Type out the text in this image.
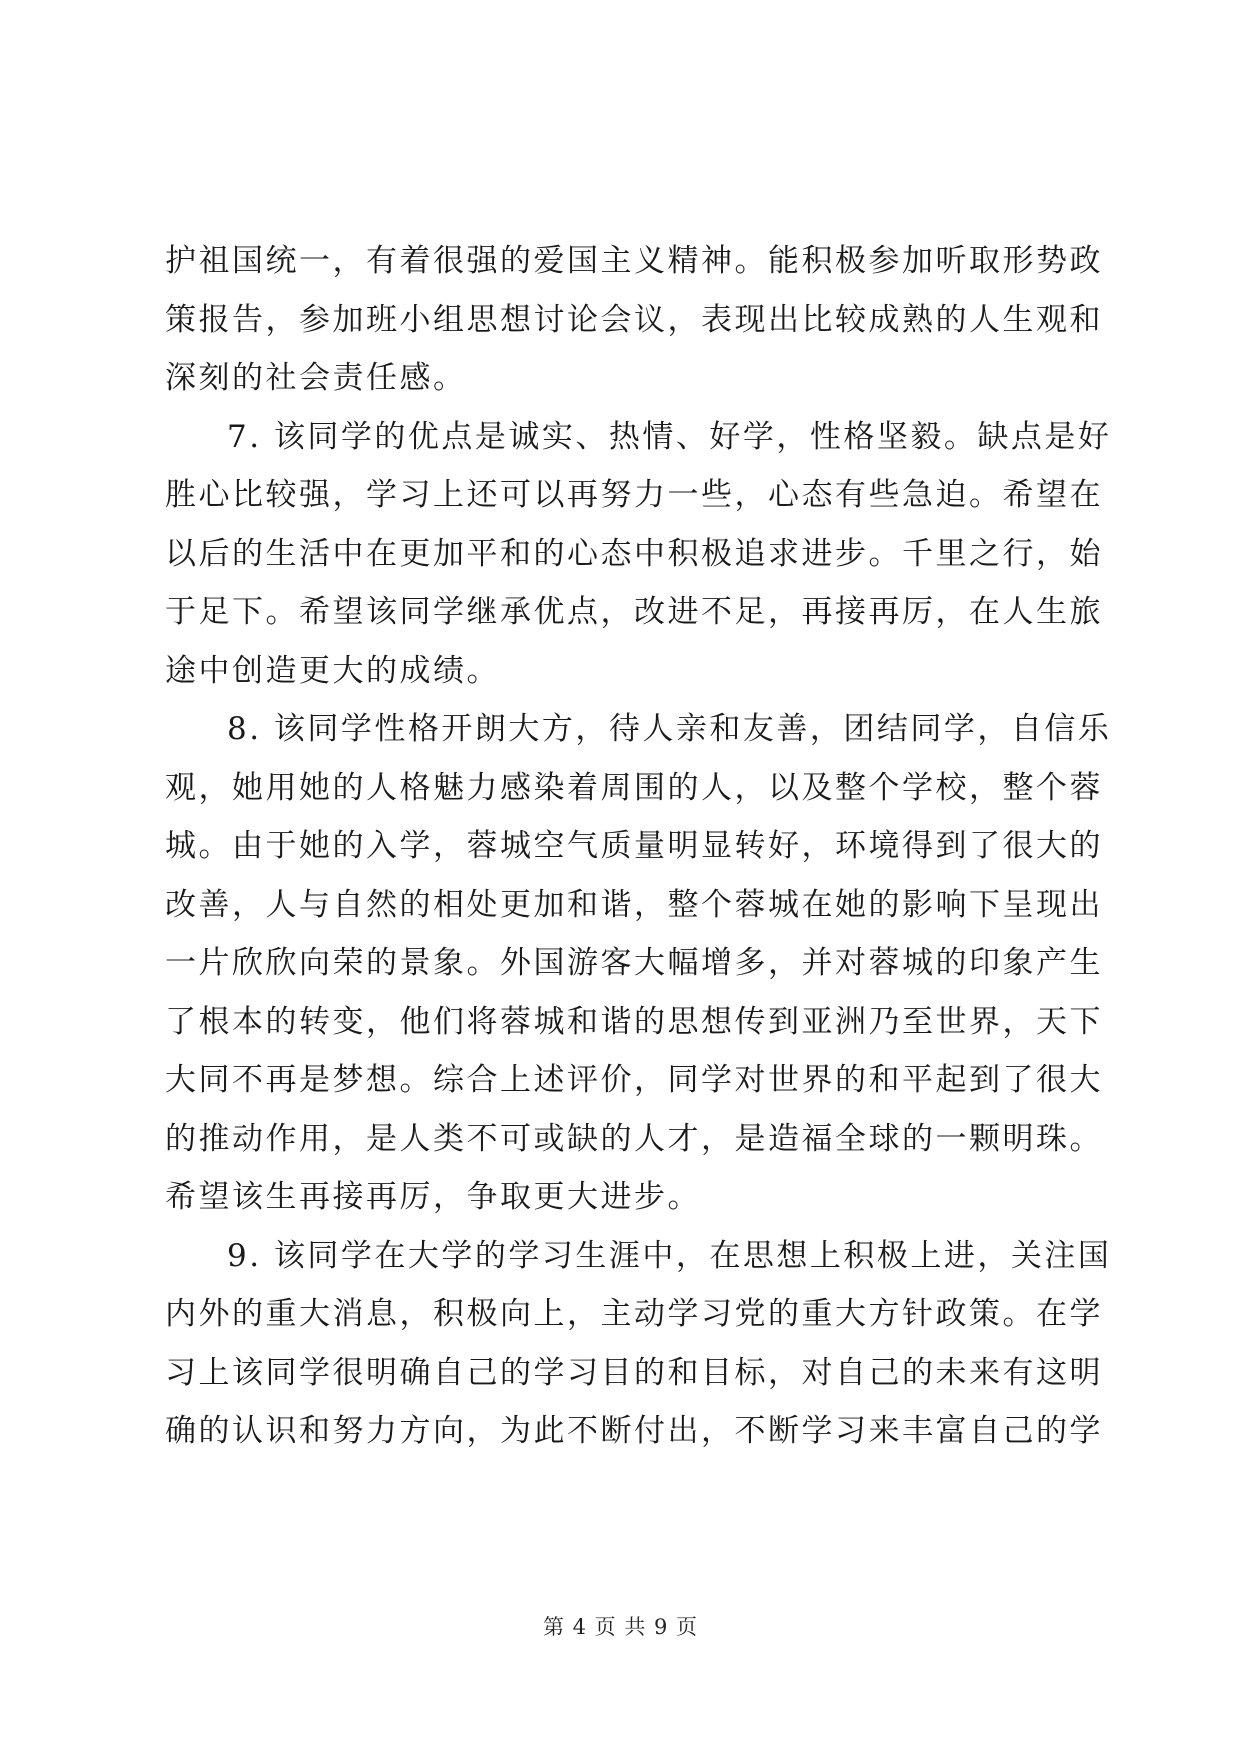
护祖国统一，有着很强的爱国主义精神。能积极参加听取形势政
策报告，参加班小组思想讨论会议，表现出比较成熟的人生观和
深刻的社会责任感。
7. 该同学的优点是诚实、热情、好学，性格坚毅。缺点是好
胜心比较强，学习上还可以再努力一些，心态有些急迫。希望在
以后的生活中在更加平和的心态中积极追求进步。千里之行，始
于足下。希望该同学继承优点，改进不足，再接再厉，在人生旅
途中创造更大的成绩。
8. 该同学性格开朗大方，待人亲和友善，团结同学，自信乐
观，她用她的人格魅力感染着周围的人，以及整个学校，整个蓉
城。由于她的入学，蓉城空气质量明显转好，环境得到了很大的
改善，人与自然的相处更加和谐，整个蓉城在她的影响下呈现出
一片欣欣向荣的景象。外国游客大幅增多，并对蓉城的印象产生
了根本的转变，他们将蓉城和谐的思想传到亚洲乃至世界，天下
大同不再是梦想。综合上述评价，同学对世界的和平起到了很大
的推动作用，是人类不可或缺的人才，是造福全球的一颗明珠。
希望该生再接再厉，争取更大进步。
9. 该同学在大学的学习生涯中，在思想上积极上进，关注国
内外的重大消息，积极向上，主动学习党的重大方针政策。在学
习上该同学很明确自己的学习目的和目标，对自己的未来有这明
确的认识和努力方向，为此不断付出，不断学习来丰富自己的学
第 4 页 共 9 页
